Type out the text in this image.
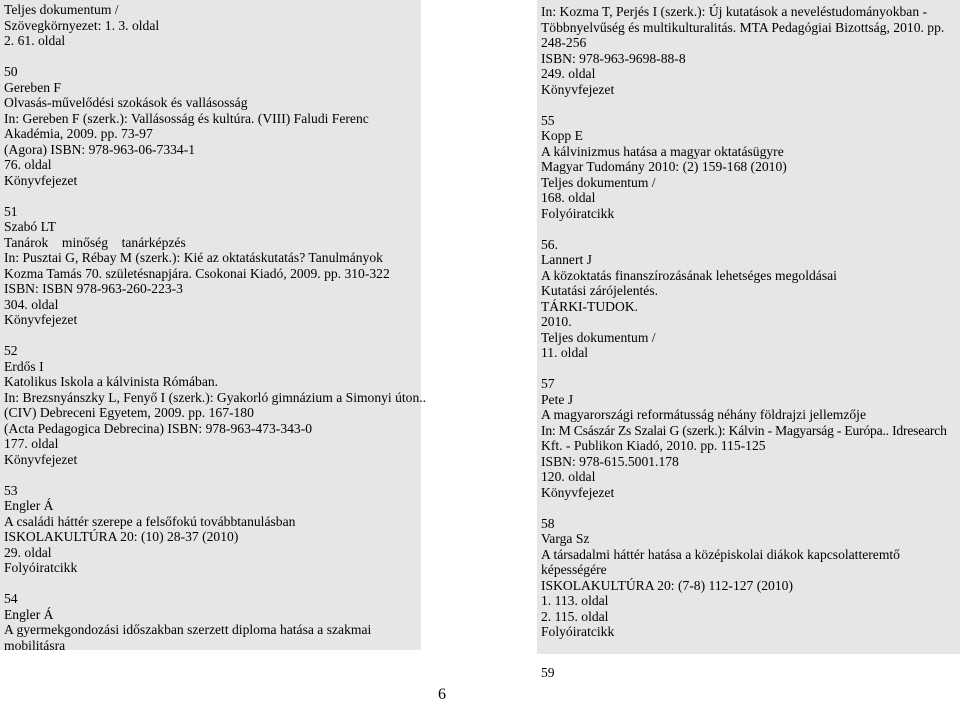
Teljes dokumentum /
Szövegkörnyezet: 1. 3. oldal
2. 61. oldal
50
Gereben F
Olvasás-művelődési szokások és vallásosság
In: Gereben F (szerk.): Vallásosság és kultúra. (VIII) Faludi Ferenc
Akadémia, 2009. pp. 73-97
(Agora) ISBN: 978-963-06-7334-1
76. oldal
Könyvfejezet
51
Szabó LT
Tanárok    minőség    tanárképzés
In: Pusztai G, Rébay M (szerk.): Kié az oktatáskutatás? Tanulmányok
Kozma Tamás 70. születésnapjára. Csokonai Kiadó, 2009. pp. 310-322
ISBN: ISBN 978-963-260-223-3
304. oldal
Könyvfejezet
52
Erdős I
Katolikus Iskola a kálvinista Rómában.
In: Brezsnyánszky L, Fenyő I (szerk.): Gyakorló gimnázium a Simonyi úton..
(CIV) Debreceni Egyetem, 2009. pp. 167-180
(Acta Pedagogica Debrecina) ISBN: 978-963-473-343-0
177. oldal
Könyvfejezet
53
Engler Á
A családi háttér szerepe a felsőfokú továbbtanulásban
ISKOLAKULTÚRA 20: (10) 28-37 (2010)
29. oldal
Folyóiratcikk
54
Engler Á
A gyermekgondozási időszakban szerzett diploma hatása a szakmai
mobilitásra
In: Kozma T, Perjés I (szerk.): Új kutatások a neveléstudományokban -
Többnyelvűség és multikulturalitás. MTA Pedagógiai Bizottság, 2010. pp.
248-256
ISBN: 978-963-9698-88-8
249. oldal
Könyvfejezet
55
Kopp E
A kálvinizmus hatása a magyar oktatásügyre
Magyar Tudomány 2010: (2) 159-168 (2010)
Teljes dokumentum /
168. oldal
Folyóiratcikk
56.
Lannert J
A közoktatás finanszírozásának lehetséges megoldásai
Kutatási zárójelentés.
TÁRKI-TUDOK.
2010.
Teljes dokumentum /
11. oldal
57
Pete J
A magyarországi reformátusság néhány földrajzi jellemzője
In: M Császár Zs Szalai G (szerk.): Kálvin - Magyarság - Európa.. Idresearch
Kft. - Publikon Kiadó, 2010. pp. 115-125
ISBN: 978-615.5001.178
120. oldal
Könyvfejezet
58
Varga Sz
A társadalmi háttér hatása a középiskolai diákok kapcsolatteremtő
képességére
ISKOLAKULTÚRA 20: (7-8) 112-127 (2010)
1. 113. oldal
2. 115. oldal
Folyóiratcikk
59
6
